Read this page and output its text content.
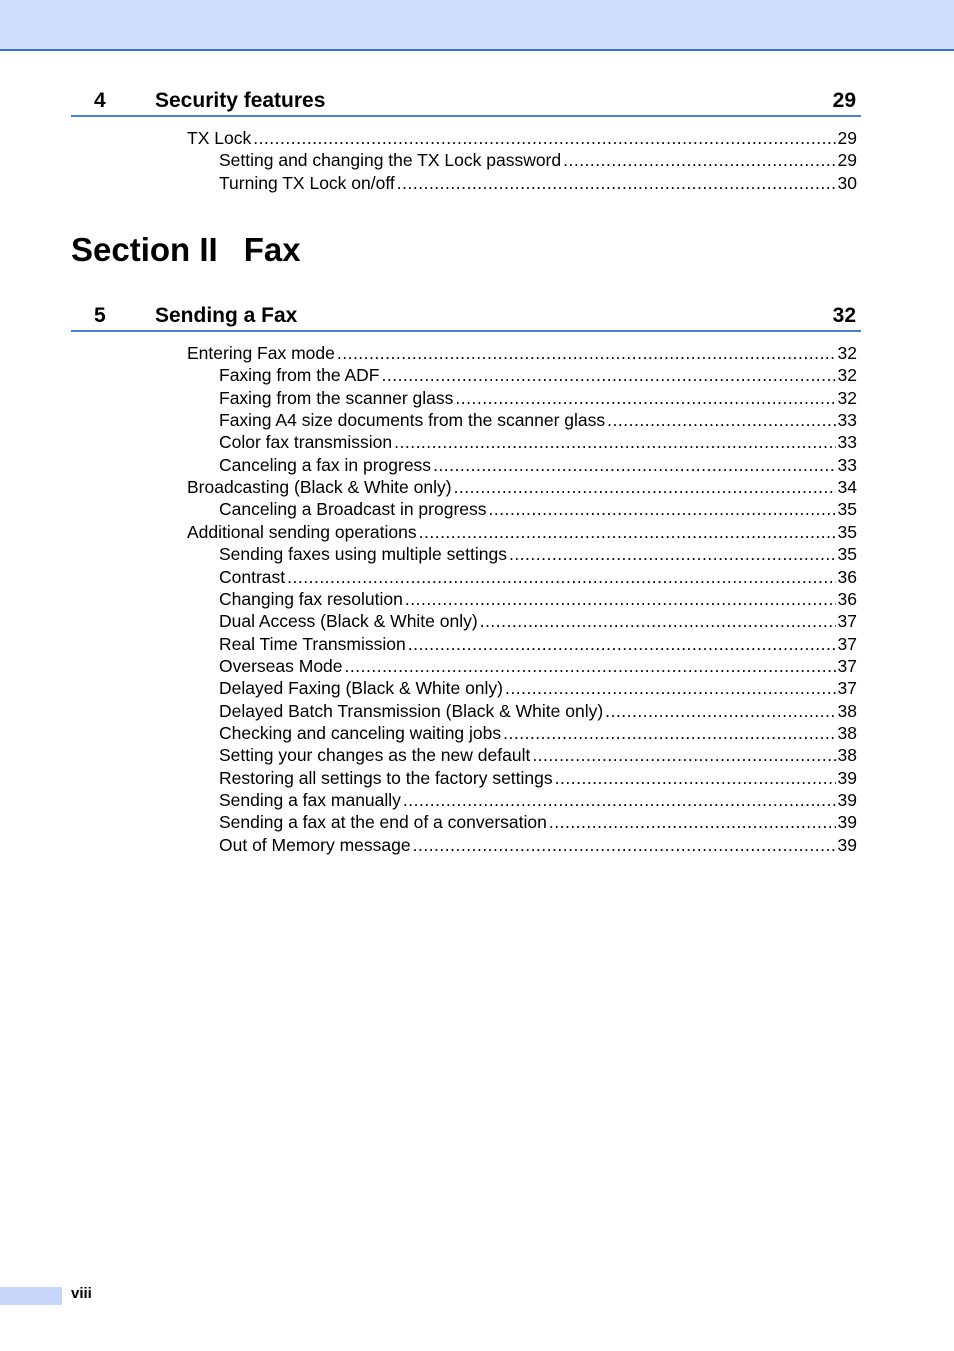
4 Security features	29
TX Lock .....	29
Setting and changing the TX Lock password .....	29
Turning TX Lock on/off .....	30
Section II Fax
5 Sending a Fax	32
Entering Fax mode .....	32
Faxing from the ADF .....	32
Faxing from the scanner glass .....	32
Faxing A4 size documents from the scanner glass .....	33
Color fax transmission .....	33
Canceling a fax in progress .....	33
Broadcasting (Black & White only) .....	34
Canceling a Broadcast in progress .....	35
Additional sending operations .....	35
Sending faxes using multiple settings .....	35
Contrast .....	36
Changing fax resolution .....	36
Dual Access (Black & White only) .....	37
Real Time Transmission .....	37
Overseas Mode .....	37
Delayed Faxing (Black & White only) .....	37
Delayed Batch Transmission (Black & White only) .....	38
Checking and canceling waiting jobs .....	38
Setting your changes as the new default .....	38
Restoring all settings to the factory settings .....	39
Sending a fax manually .....	39
Sending a fax at the end of a conversation .....	39
Out of Memory message .....	39
viii
